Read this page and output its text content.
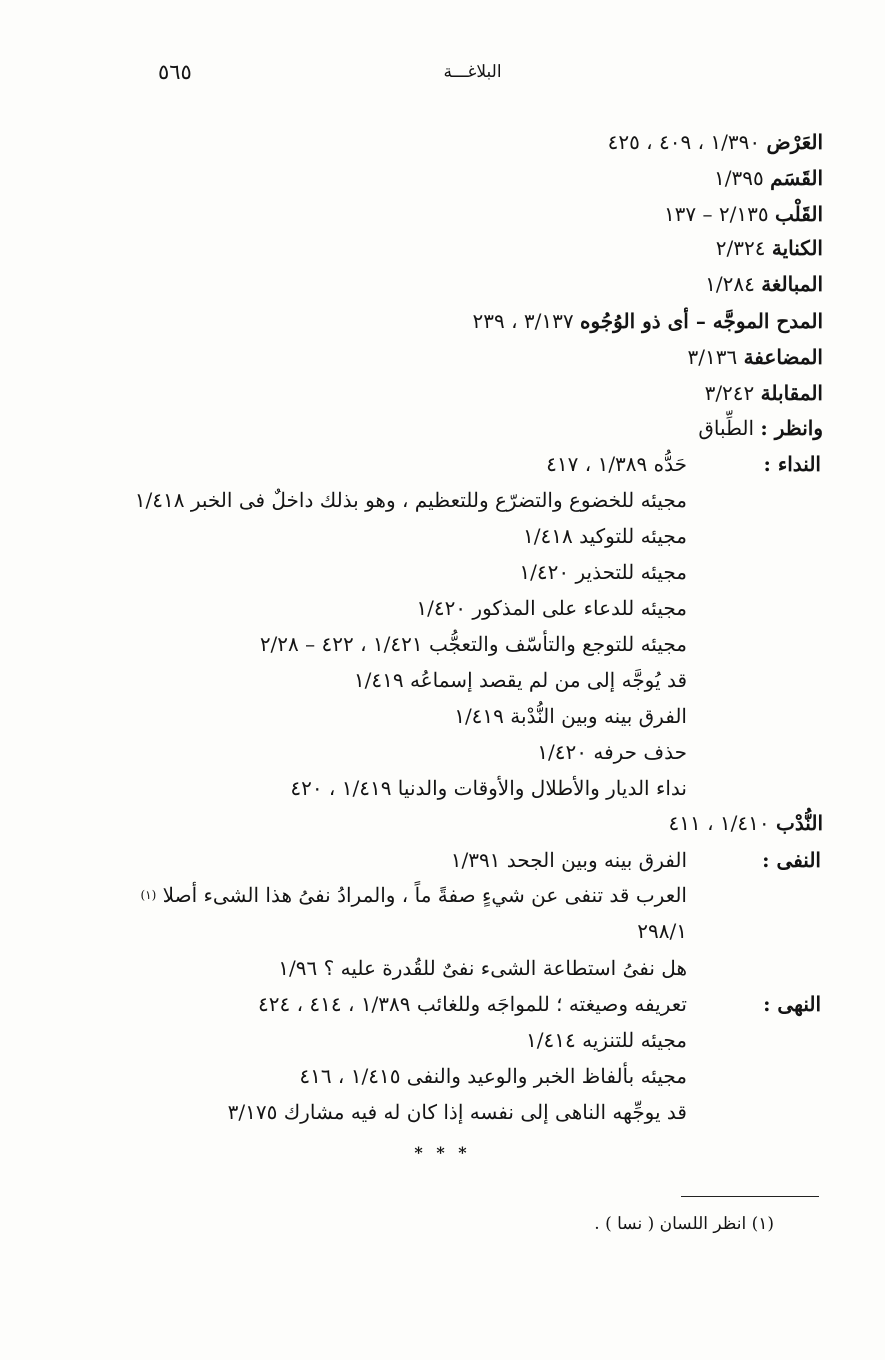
٥٦٥	البلاغـــة
العَرْض ١/٣٩٠ ، ٤٠٩ ، ٤٢٥
القَسَم ١/٣٩٥
القَلْب ٢/١٣٥ – ١٣٧
الكناية ٢/٣٢٤
المبالغة ١/٢٨٤
المدح الموجَّه – أى ذو الوُجُوه ٣/١٣٧ ، ٢٣٩
المضاعفة ٣/١٣٦
المقابلة ٣/٢٤٢
وانظر : الطِّباق
النداء :
حَدُّه ١/٣٨٩ ، ٤١٧
مجيئه للخضوع والتضرّع وللتعظيم ، وهو بذلك داخلٌ فى الخبر ١/٤١٨
مجيئه للتوكيد ١/٤١٨
مجيئه للتحذير ١/٤٢٠
مجيئه للدعاء على المذكور ١/٤٢٠
مجيئه للتوجع والتأسّف والتعجُّب ١/٤٢١ ، ٤٢٢ – ٢/٢٨
قد يُوجَّه إلى من لم يقصد إسماعُه ١/٤١٩
الفرق بينه وبين النُّدْبة ١/٤١٩
حذف حرفه ١/٤٢٠
نداء الديار والأطلال والأوقات والدنيا ١/٤١٩ ، ٤٢٠
النُّدْب ١/٤١٠ ، ٤١١
النفى :
الفرق بينه وبين الجحد ١/٣٩١
العرب قد تنفى عن شيءٍ صفةً ماً ، والمرادُ نفىُ هذا الشىء أصلا $^{(١)}$
٢٩٨/١
هل نفىُ استطاعة الشىء نفىٌ للقُدرة عليه ؟ ١/٩٦
النهى :
تعريفه وصيغته ؛ للمواجَه وللغائب ١/٣٨٩ ، ٤١٤ ، ٤٢٤
مجيئه للتنزيه ١/٤١٤
مجيئه بألفاظ الخبر والوعيد والنفى ١/٤١٥ ، ٤١٦
قد يوجِّهه الناهى إلى نفسه إذا كان له فيه مشارك ٣/١٧٥
* * *
(١) انظر اللسان ( نسا ) .
